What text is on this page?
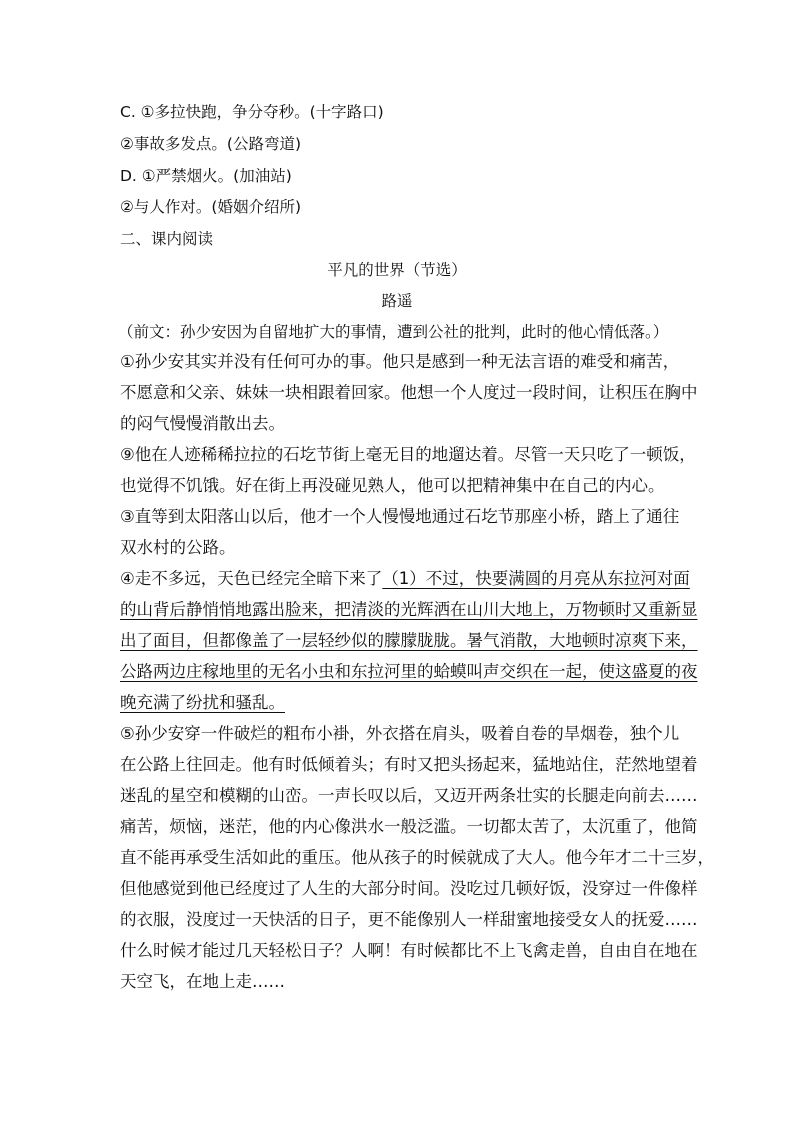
C. ①多拉快跑，争分夺秒。(十字路口)
②事故多发点。(公路弯道)
D. ①严禁烟火。(加油站)
②与人作对。(婚姻介绍所)
二、课内阅读
平凡的世界（节选）
路遥
（前文：孙少安因为自留地扩大的事情，遭到公社的批判，此时的他心情低落。）
①孙少安其实并没有任何可办的事。他只是感到一种无法言语的难受和痛苦，
不愿意和父亲、妹妹一块相跟着回家。他想一个人度过一段时间，让积压在胸中
的闷气慢慢消散出去。
⑨他在人迹稀稀拉拉的石圪节街上毫无目的地遛达着。尽管一天只吃了一顿饭，
也觉得不饥饿。好在街上再没碰见熟人，他可以把精神集中在自己的内心。
③直等到太阳落山以后，他才一个人慢慢地通过石圪节那座小桥，踏上了通往
双水村的公路。
④走不多远，天色已经完全暗下来了（1）不过，快要满圆的月亮从东拉河对面
的山背后静悄悄地露出脸来，把清淡的光辉洒在山川大地上，万物顿时又重新显
出了面目，但都像盖了一层轻纱似的朦朦胧胧。暑气消散，大地顿时凉爽下来，
公路两边庄稼地里的无名小虫和东拉河里的蛤蟆叫声交织在一起，使这盛夏的夜
晚充满了纷扰和骚乱。
⑤孙少安穿一件破烂的粗布小褂，外衣搭在肩头，吸着自卷的旱烟卷，独个儿
在公路上往回走。他有时低倾着头；有时又把头扬起来，猛地站住，茫然地望着
迷乱的星空和模糊的山峦。一声长叹以后，又迈开两条壮实的长腿走向前去……
痛苦，烦恼，迷茫，他的内心像洪水一般泛滥。一切都太苦了，太沉重了，他简
直不能再承受生活如此的重压。他从孩子的时候就成了大人。他今年才二十三岁，
但他感觉到他已经度过了人生的大部分时间。没吃过几顿好饭，没穿过一件像样
的衣服，没度过一天快活的日子，更不能像别人一样甜蜜地接受女人的抚爱……
什么时候才能过几天轻松日子？人啊！有时候都比不上飞禽走兽，自由自在地在
天空飞，在地上走……
